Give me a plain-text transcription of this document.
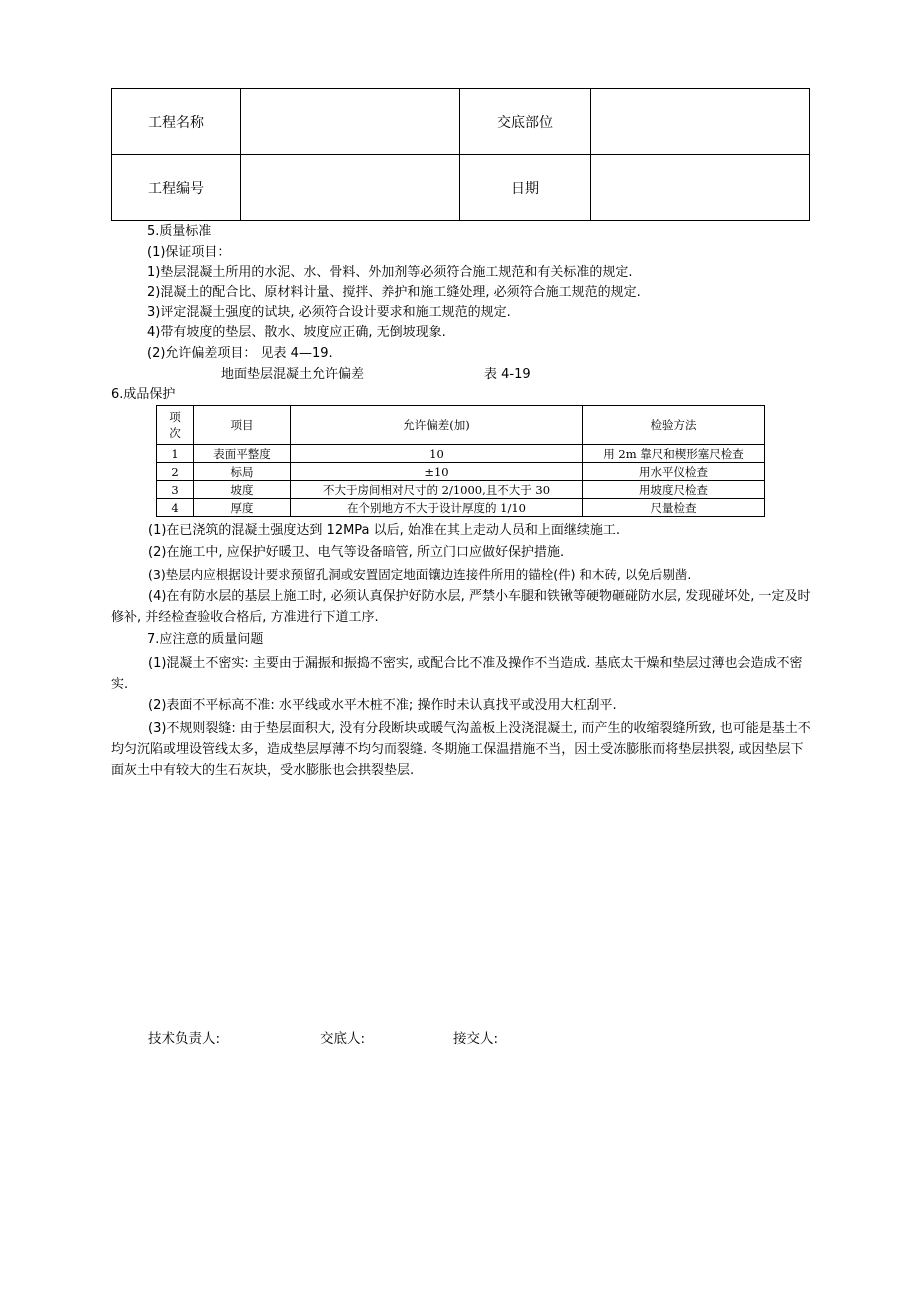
工程名称		交底部位	
工程编号		日期	
5.质量标准
(1)保证项目：
1)垫层混凝土所用的水泥、水、骨料、外加剂等必须符合施工规范和有关标准的规定.
2)混凝土的配合比、原材料计量、搅拌、养护和施工缝处理, 必须符合施工规范的规定.
3)评定混凝土强度的试块, 必须符合设计要求和施工规范的规定.
4)带有坡度的垫层、散水、坡度应正确, 无倒坡现象.
(2)允许偏差项目： 见表 4—19.
地面垫层混凝土允许偏差	表 4-19
6.成品保护
项
次	项目	允许偏差(加)	检验方法
1	表面平整度	10	用 2m 靠尺和楔形塞尺检查
2	标局	±10	用水平仪检查
3	坡度	不大于房间相对尺寸的 2/1000,且不大于 30	用坡度尺检查
4	厚度	在个别地方不大于设计厚度的 1/10	尺量检查
(1)在已浇筑的混凝土强度达到 12MPa 以后, 始准在其上走动人员和上面继续施工.
(2)在施工中, 应保护好暖卫、电气等设备暗管, 所立门口应做好保护措施.
(3)垫层内应根据设计要求预留孔洞或安置固定地面镶边连接件所用的锚栓(件) 和木砖, 以免后剔凿.
(4)在有防水层的基层上施工时, 必须认真保护好防水层, 严禁小车腿和铁锹等硬物砸碰防水层, 发现碰坏处, 一定及时修补, 并经检查验收合格后, 方准进行下道工序.
7.应注意的质量问题
(1)混凝土不密实: 主要由于漏振和振捣不密实, 或配合比不准及操作不当造成. 基底太干燥和垫层过薄也会造成不密实.
(2)表面不平标高不准: 水平线或水平木桩不准; 操作时未认真找平或没用大杠刮平.
(3)不规则裂缝: 由于垫层面积大, 没有分段断块或暖气沟盖板上没浇混凝土, 而产生的收缩裂缝所致, 也可能是基土不均匀沉陷或埋设管线太多，造成垫层厚薄不均匀而裂缝. 冬期施工保温措施不当，因土受冻膨胀而将垫层拱裂, 或因垫层下面灰土中有较大的生石灰块，受水膨胀也会拱裂垫层.
技术负责人:	交底人:	接交人:
